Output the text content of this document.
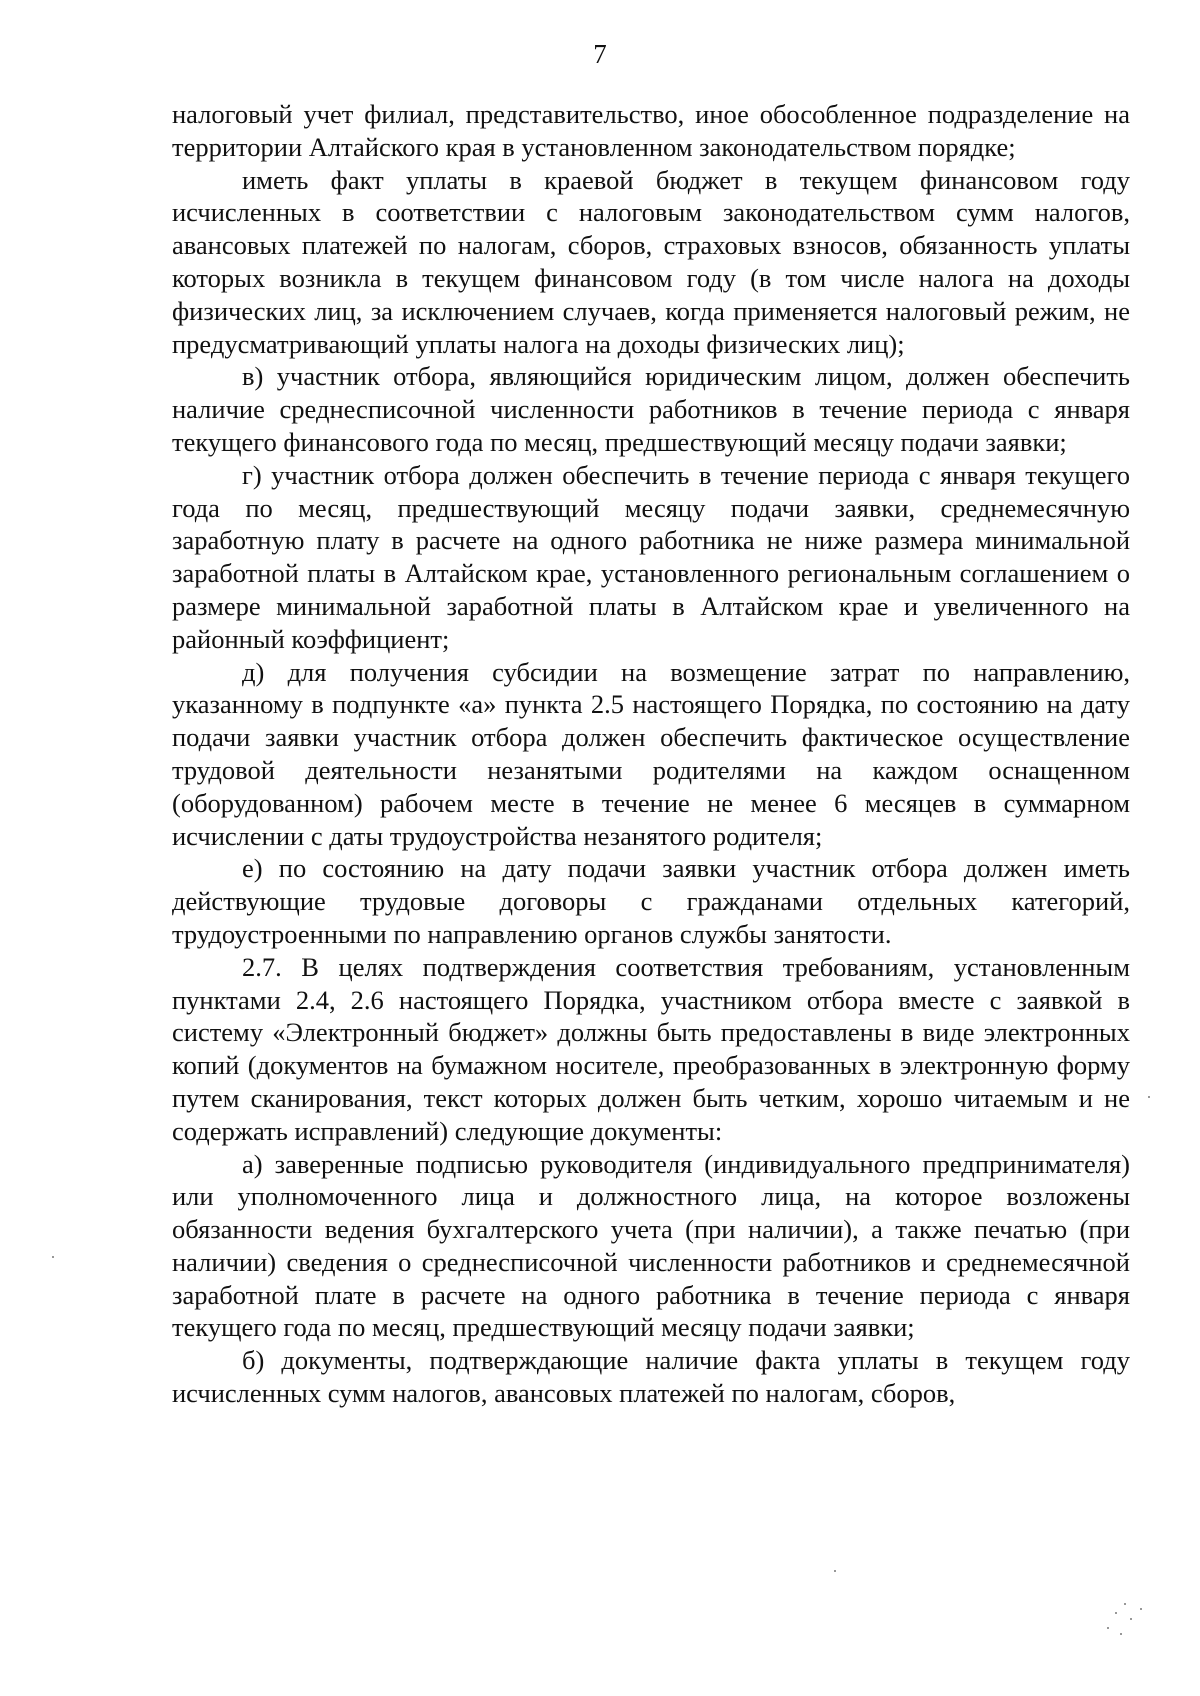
7

налоговый учет филиал, представительство, иное обособленное подразделение на территории Алтайского края в установленном законодательством порядке;

иметь факт уплаты в краевой бюджет в текущем финансовом году исчисленных в соответствии с налоговым законодательством сумм налогов, авансовых платежей по налогам, сборов, страховых взносов, обязанность уплаты которых возникла в текущем финансовом году (в том числе налога на доходы физических лиц, за исключением случаев, когда применяется налоговый режим, не предусматривающий уплаты налога на доходы физических лиц);

в) участник отбора, являющийся юридическим лицом, должен обеспечить наличие среднесписочной численности работников в течение периода с января текущего финансового года по месяц, предшествующий месяцу подачи заявки;

г) участник отбора должен обеспечить в течение периода с января текущего года по месяц, предшествующий месяцу подачи заявки, среднемесячную заработную плату в расчете на одного работника не ниже размера минимальной заработной платы в Алтайском крае, установленного региональным соглашением о размере минимальной заработной платы в Алтайском крае и увеличенного на районный коэффициент;

д) для получения субсидии на возмещение затрат по направлению, указанному в подпункте «а» пункта 2.5 настоящего Порядка, по состоянию на дату подачи заявки участник отбора должен обеспечить фактическое осуществление трудовой деятельности незанятыми родителями на каждом оснащенном (оборудованном) рабочем месте в течение не менее 6 месяцев в суммарном исчислении с даты трудоустройства незанятого родителя;

е) по состоянию на дату подачи заявки участник отбора должен иметь действующие трудовые договоры с гражданами отдельных категорий, трудоустроенными по направлению органов службы занятости.

2.7. В целях подтверждения соответствия требованиям, установленным пунктами 2.4, 2.6 настоящего Порядка, участником отбора вместе с заявкой в систему «Электронный бюджет» должны быть предоставлены в виде электронных копий (документов на бумажном носителе, преобразованных в электронную форму путем сканирования, текст которых должен быть четким, хорошо читаемым и не содержать исправлений) следующие документы:

а) заверенные подписью руководителя (индивидуального предпринимателя) или уполномоченного лица и должностного лица, на которое возложены обязанности ведения бухгалтерского учета (при наличии), а также печатью (при наличии) сведения о среднесписочной численности работников и среднемесячной заработной плате в расчете на одного работника в течение периода с января текущего года по месяц, предшествующий месяцу подачи заявки;

б) документы, подтверждающие наличие факта уплаты в текущем году исчисленных сумм налогов, авансовых платежей по налогам, сборов,
